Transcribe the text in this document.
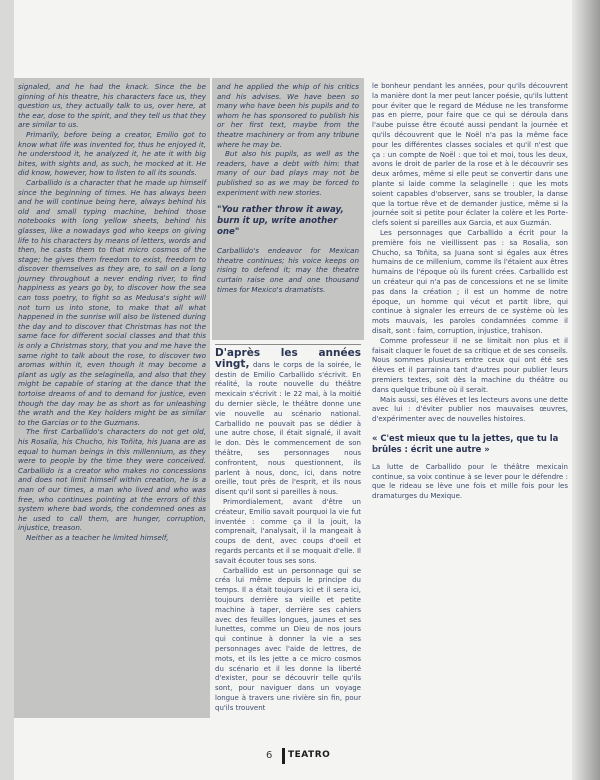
signaled, and he had the knack. Since the be ginning of his theatre, his characters face us, they question us, they actually talk to us, over here, at the ear, dose to the spirit, and they tell us that they are similar to us.

Primarily, before being a creator, Emilio got to know what life was invented for, thus he enjoyed it, he understood it, he analyzed it, he ate it with big bites, with sights and, as such, he mocked at it. He did know, however, how to listen to all its sounds.

Carballido is a character that he made up himself since the beginning of times. He has always been and he will continue being here, always behind his old and small typing machine, behind those notebooks with long yellow sheets, behind his glasses, like a nowadays god who keeps on giving life to his characters by means of letters, words and then, he casts them to that micro cosmos of the stage; he gives them freedom to exist, freedom to discover themselves as they are, to sail on a long journey throughout a never ending river, to find happiness as years go by, to discover how the sea can toss poetry, to fight so as Medusa's sight will not turn us into stone, to make that all what happened in the sunrise will also be listened during the day and to discover that Christmas has not the same face for different social classes and that this is only a Christmas story, that you and me have the same right to talk about the rose, to discover two aromas within it, even though it may become a plant as ugly as the selaginella, and also that they might be capable of staring at the dance that the tortoise dreams of and to demand for justice, even though the day may be as short as for unleashing the wrath and the Key holders might be as similar to the Garcias or to the Guzmans.

The first Carballido's characters do not get old, his Rosalia, his Chucho, his Toñita, his Juana are as equal to human beings in this millennium, as they were to people by the time they were conceived. Carballido is a creator who makes no concessions and does not limit himself within creation, he is a man of our times, a man who lived and who was free, who continues pointing at the errors of this system where bad words, the condemned ones as he used to call them, are hunger, corruption, injustice, treason.

Neither as a teacher he limited himself,

and he applied the whip of his critics and his advises. We have been so many who have been his pupils and to whom he has sponsored to publish his or her first text, maybe from the theatre machinery or from any tribune where he may be.

But also his pupils, as well as the readers, have a debt with him: that many of our bad plays may not be published so as we may be forced to experiment with new stories.

"You rather throw it away, burn it up, write another one"

Carballido's endeavor for Mexican theatre continues; his voice keeps on rising to defend it; may the theatre curtain raise one and one thousand times for Mexico's dramatists.

D'après les années vingt, dans le corps de la soirée, le destin de Emilio Carballido s'écrivit. En réalité, la route nouvelle du théâtre mexicain s'écrivit : le 22 mai, à la moitié du dernier siècle, le théâtre donne une vie nouvelle au scénario national. Carballido ne pouvait pas se dédier à une autre chose, il était signalé, il avait le don. Dès le commencement de son théâtre, ses personnages nous confrontent, nous questionnent, ils parlent à nous, donc, ici, dans notre oreille, tout près de l'esprit, et ils nous disent qu'il sont si pareilles à nous.

Primordialement, avant d'être un créateur, Emilio savait pourquoi la vie fut inventée : comme ça il la jouit, la comprenait, l'analysait, il la mangeait à coups de dent, avec coups d'oeil et regards percants et il se moquait d'elle. Il savait écouter tous ses sons.

Carballido est un personnage qui se créa lui même depuis le principe du temps. Il a était toujours ici et il sera ici, toujours derrière sa vieille et petite machine à taper, derrière ses cahiers avec des feuilles longues, jaunes et ses lunettes, comme un Dieu de nos jours qui continue à donner la vie a ses personnages avec l'aide de lettres, de mots, et ils les jette a ce micro cosmos du scénario et il les donne la liberté d'exister, pour se découvrir telle qu'ils sont, pour naviguer dans un voyage longue à travers une rivière sin fin, pour qu'ils trouvent

le bonheur pendant les années, pour qu'ils découvrent la manière dont la mer peut lancer poésie, qu'ils luttent pour éviter que le regard de Méduse ne les transforme pas en pierre, pour faire que ce qui se déroula dans l'aube puisse être écouté aussi pendant la journée et qu'ils découvrent que le Noël n'a pas la même face pour les différentes classes sociales et qu'il n'est que ça : un compte de Noël : que toi et moi, tous les deux, avons le droit de parler de la rose et à le découvrir ses deux arômes, même si elle peut se convertir dans une plante si laide comme la selaginelle : que les mots soient capables d'observer, sans se troubler, la danse que la tortue rêve et de demander justice, même si la journée soit si petite pour éclater la colère et les Porte-clefs soient si pareilles aux Garcia, et aux Guzmán.

Les personnages que Carballido a écrit pour la première fois ne vieillissent pas : sa Rosalia, son Chucho, sa Toñita, sa Juana sont si égales aux êtres humains de ce millenium, comme ils l'étaient aux êtres humains de l'époque où ils furent crées. Carballido est un créateur qui n'a pas de concessions et ne se limite pas dans la création ; il est un homme de notre époque, un homme qui vécut et partit libre, qui continue à signaler les erreurs de ce système où les mots mauvais, les paroles condamnées comme il disait, sont : faim, corruption, injustice, trahison.

Comme professeur il ne se limitait non plus et il faisait claquer le fouet de sa critique et de ses conseils. Nous sommes plusieurs entre ceux qui ont été ses élèves et il parrainna tant d'autres pour publier leurs premiers textes, soit dès la machine du théâtre ou dans quelque tribune où il serait.

Mais aussi, ses élèves et les lecteurs avons une dette avec lui : d'éviter publier nos mauvaises œuvres, d'expérimenter avec de nouvelles histoires.

« C'est mieux que tu la jettes, que tu la brûles : écrit une autre »

La lutte de Carballido pour le théâtre mexicain continue, sa voix continue à se lever pour le défendre : que le rideau se lève une fois et mille fois pour les dramaturges du Mexique.

6 TEATRO
